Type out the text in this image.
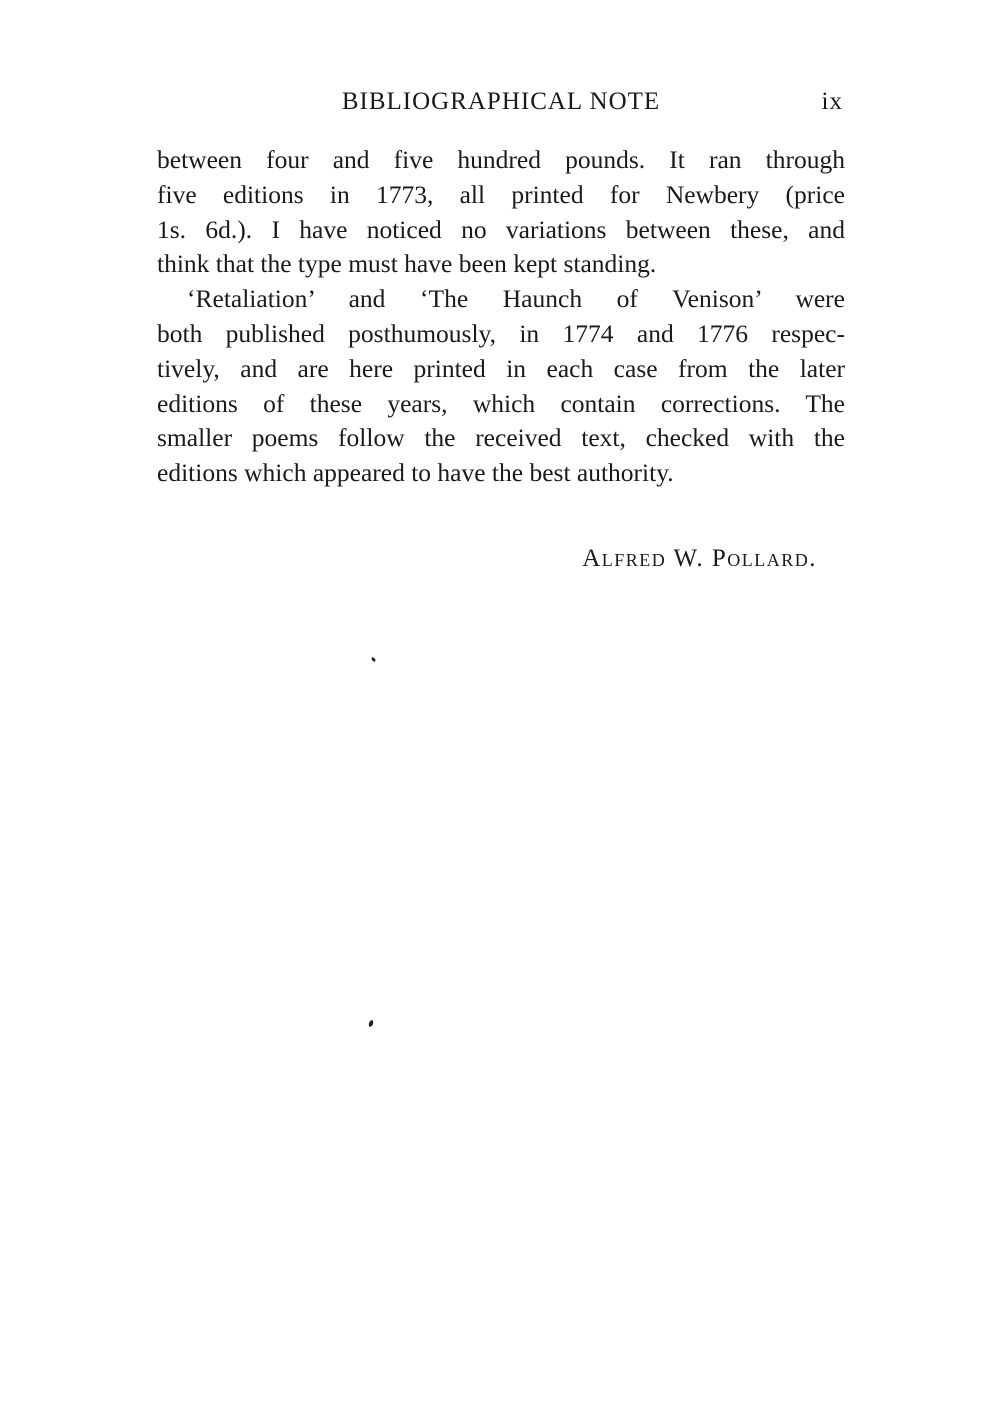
BIBLIOGRAPHICAL NOTE	ix
between four and five hundred pounds. It ran through
five editions in 1773, all printed for Newbery (price
1s. 6d.). I have noticed no variations between these, and
think that the type must have been kept standing.
‘Retaliation’ and ‘The Haunch of Venison’ were
both published posthumously, in 1774 and 1776 respec-
tively, and are here printed in each case from the later
editions of these years, which contain corrections. The
smaller poems follow the received text, checked with the
editions which appeared to have the best authority.
Alfred W. Pollard.
